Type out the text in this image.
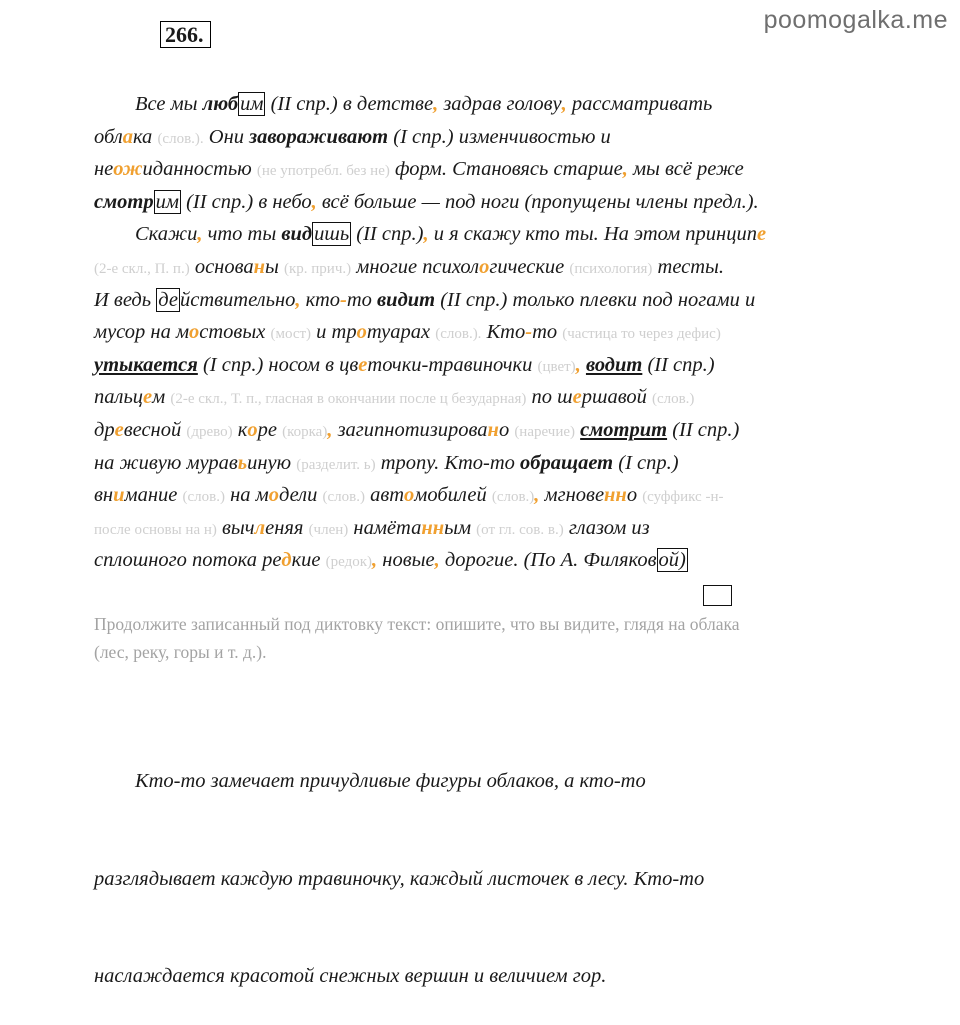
poomogalka.me
266.
Все мы любим (II спр.) в детстве, задрав голову, рассматривать
облака (слов.). Они завораживают (I спр.) изменчивостью и
неожиданностью (не употребл. без не) форм. Становясь старше, мы всё реже
смотрим (II спр.) в небо, всё больше — под ноги (пропущены члены предл.).
Скажи, что ты видишь (II спр.), и я скажу кто ты. На этом принципе
(2-е скл., П. п.) основаны (кр. прич.) многие психологические (психология) тесты.
И ведь действительно, кто-то видит (II спр.) только плевки под ногами и
мусор на мостовых (мост) и тротуарах (слов.). Кто-то (частица то через дефис)
утыкается (I спр.) носом в цветочки-травиночки (цвет), водит (II спр.)
пальцем (2-е скл., Т. п., гласная в окончании после ц безударная) по шершавой (слов.)
древесной (древо) коре (корка), загипнотизировано (наречие) смотрит (II спр.)
на живую муравьиную (разделит. ь) тропу. Кто-то обращает (I спр.)
внимание (слов.) на модели (слов.) автомобилей (слов.), мгновенно (суффикс -н-
после основы на н) вычленяя (член) намётанным (от гл. сов. в.) глазом из
сплошного потока редкие (редок), новые, дорогие. (По А. Филяковой)
Продолжите записанный под диктовку текст: опишите, что вы видите, глядя на облака
(лес, реку, горы и т. д.).

Кто-то замечает причудливые фигуры облаков, а кто-то

разглядывает каждую травиночку, каждый листочек в лесу. Кто-то

наслаждается красотой снежных вершин и величием гор.
